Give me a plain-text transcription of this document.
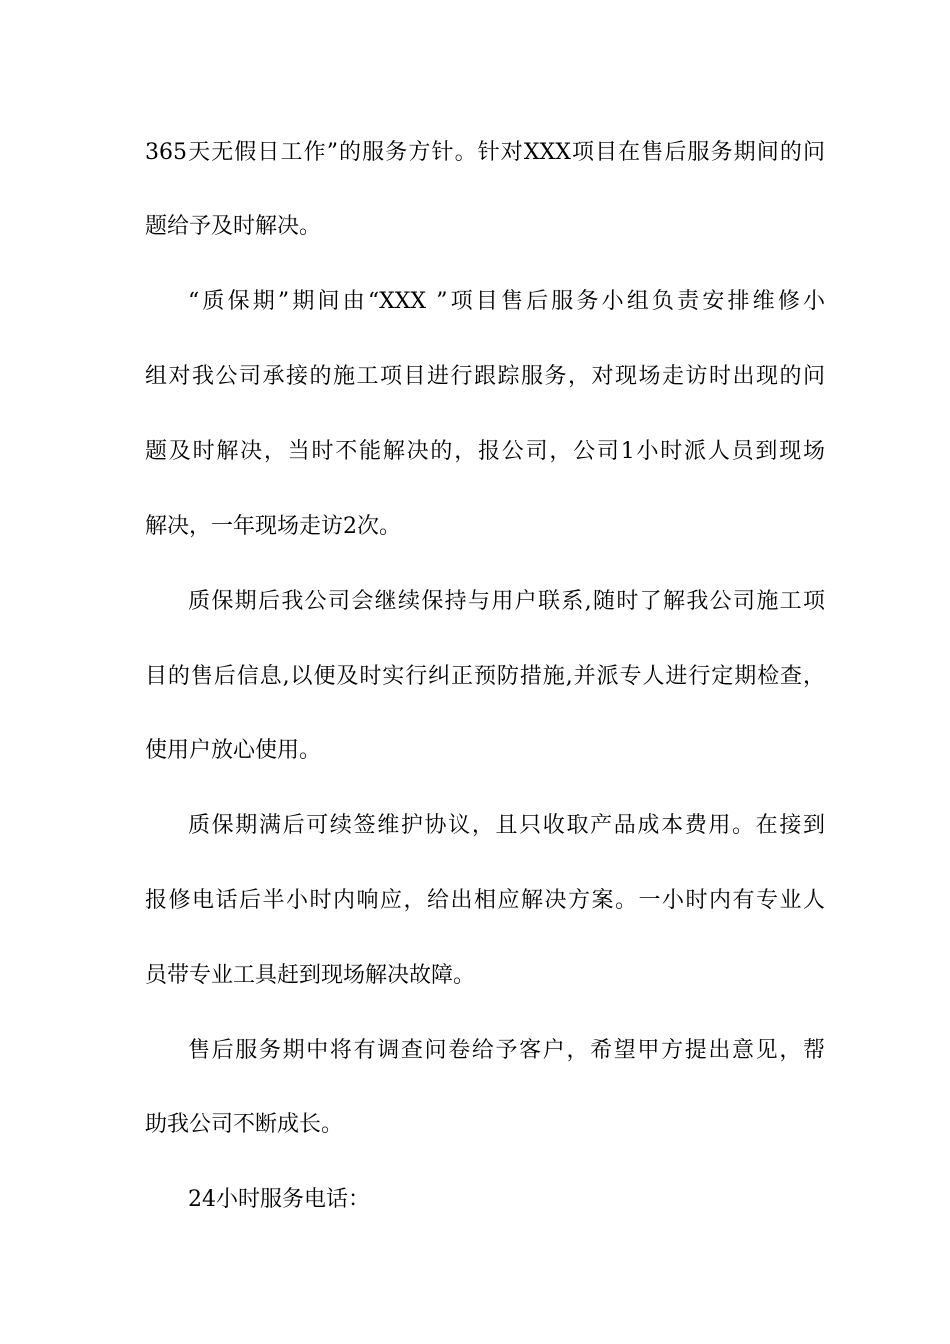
365天无假日工作”的服务方针。针对XXX项目在售后服务期间的问
题给予及时解决。
“质保期”期间由“XXX ”项目售后服务小组负责安排维修小
组对我公司承接的施工项目进行跟踪服务，对现场走访时出现的问
题及时解决，当时不能解决的，报公司，公司1小时派人员到现场
解决，一年现场走访2次。
质保期后我公司会继续保持与用户联系,随时了解我公司施工项
目的售后信息,以便及时实行纠正预防措施,并派专人进行定期检查，
使用户放心使用。
质保期满后可续签维护协议，且只收取产品成本费用。在接到
报修电话后半小时内响应，给出相应解决方案。一小时内有专业人
员带专业工具赶到现场解决故障。
售后服务期中将有调查问卷给予客户，希望甲方提出意见，帮
助我公司不断成长。
24小时服务电话：
